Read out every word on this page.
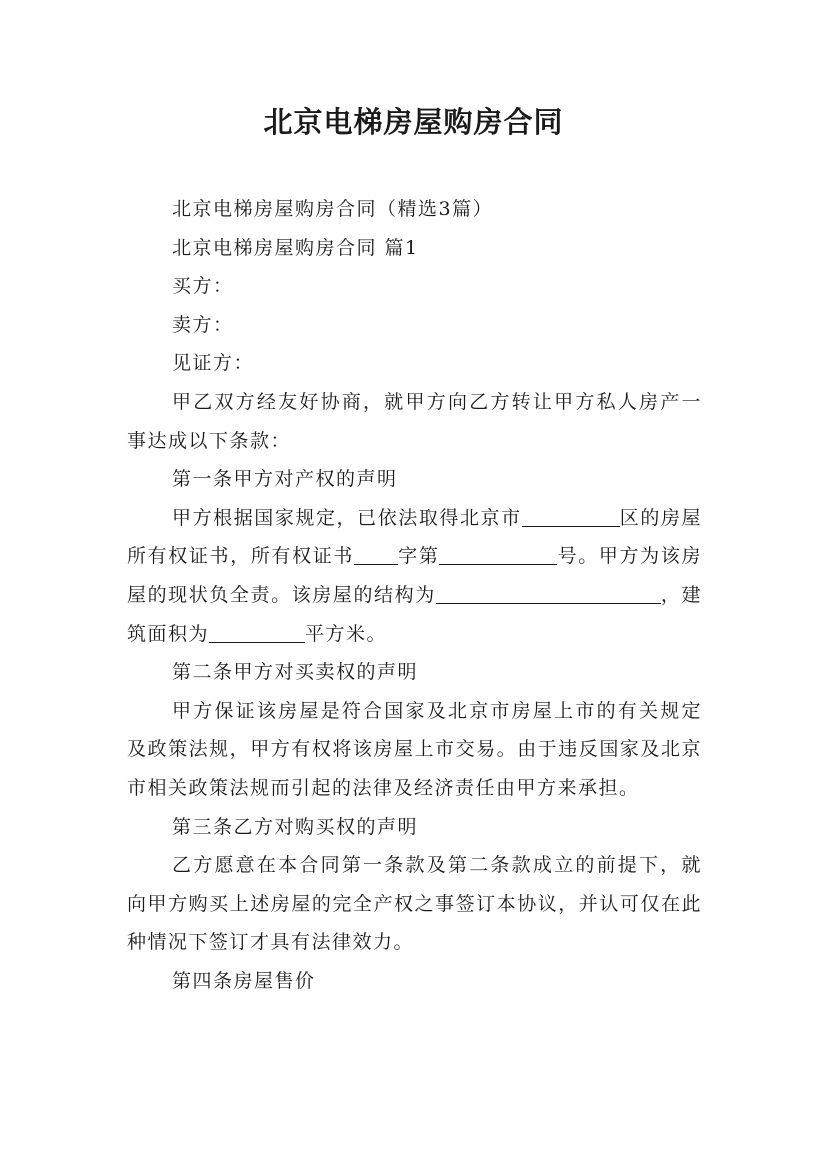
北京电梯房屋购房合同

北京电梯房屋购房合同（精选3篇）

北京电梯房屋购房合同 篇1

买方：

卖方：

见证方：

甲乙双方经友好协商，就甲方向乙方转让甲方私人房产一事达成以下条款：

第一条甲方对产权的声明

甲方根据国家规定，已依法取得北京市	区的房屋所有权证书，所有权证书 字第	号。甲方为该房屋的现状负全责。该房屋的结构为	，建筑面积为	平方米。

第二条甲方对买卖权的声明

甲方保证该房屋是符合国家及北京市房屋上市的有关规定及政策法规，甲方有权将该房屋上市交易。由于违反国家及北京市相关政策法规而引起的法律及经济责任由甲方来承担。

第三条乙方对购买权的声明

乙方愿意在本合同第一条款及第二条款成立的前提下，就向甲方购买上述房屋的完全产权之事签订本协议，并认可仅在此种情况下签订才具有法律效力。

第四条房屋售价
